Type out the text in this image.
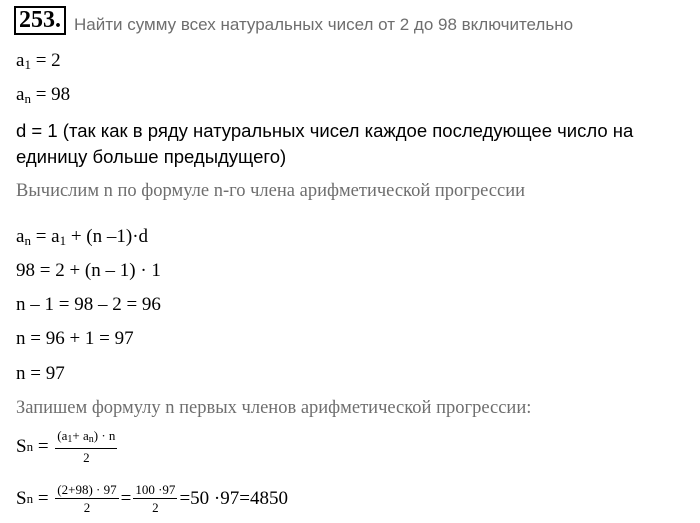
253. Найти сумму всех натуральных чисел от 2 до 98 включительно
$a_1 = 2$
$a_n = 98$
d = 1 (так как в ряду натуральных чисел каждое последующее число на
единицу больше предыдущего)
Вычислим n по формуле n-го члена арифметической прогрессии
$a_n = a_1 + (n$ –1)·d
98 = 2 + (n – 1) · 1
n – 1 = 98 – 2 = 96
n = 96 + 1 = 97
n = 97
Запишем формулу n первых членов арифметической прогрессии:
S $n = \frac{(a1+ an) \cdot n}{2}$
S $n = \frac{(2+98) \cdot 97}{2} = \frac{100 \cdot 97}{2} =50 \cdot 97=4850$
